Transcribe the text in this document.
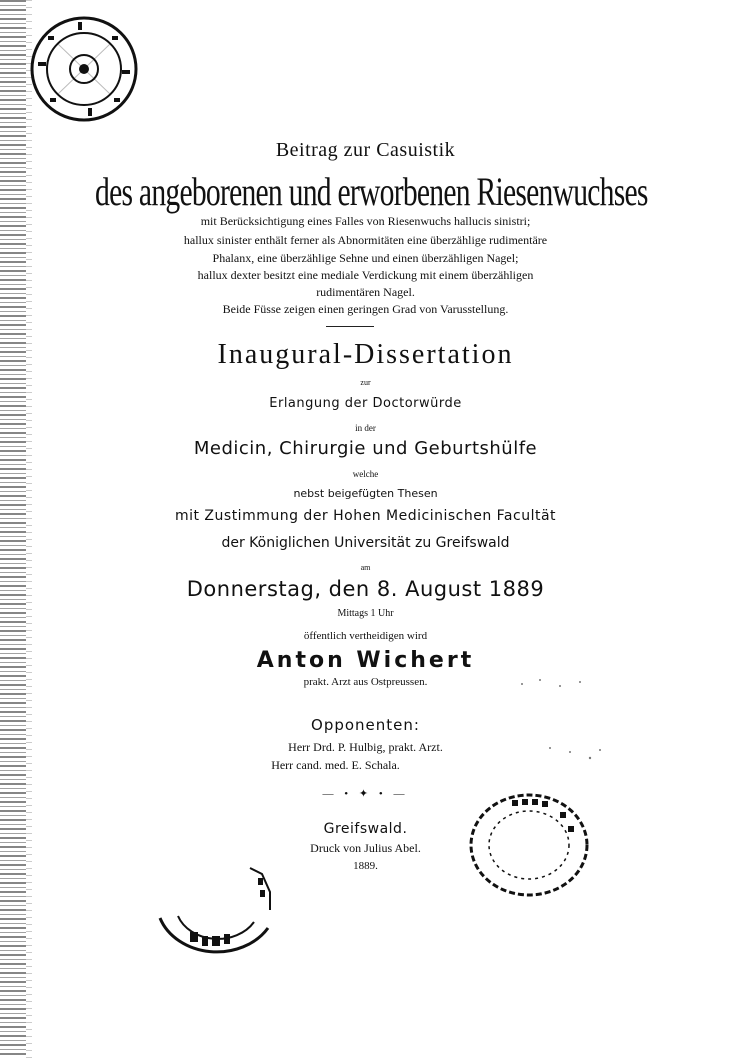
Beitrag zur Casuistik
des angeborenen und erworbenen Riesenwuchses
mit Berücksichtigung eines Falles von Riesenwuchs hallucis sinistri;
hallux sinister enthält ferner als Abnormitäten eine überzählige rudimentäre
Phalanx, eine überzählige Sehne und einen überzähligen Nagel;
hallux dexter besitzt eine mediale Verdickung mit einem überzähligen
rudimentären Nagel.
Beide Füsse zeigen einen geringen Grad von Varusstellung.
Inaugural-Dissertation
zur
Erlangung der Doctorwürde
in der
Medicin, Chirurgie und Geburtshülfe
welche
nebst beigefügten Thesen
mit Zustimmung der Hohen Medicinischen Facultät
der Königlichen Universität zu Greifswald
am
Donnerstag, den 8. August 1889
Mittags 1 Uhr
öffentlich vertheidigen wird
Anton Wichert
prakt. Arzt aus Ostpreussen.
Opponenten:
Herr Drd. P. Hulbig, prakt. Arzt.
Herr cand. med. E. Schala.
— • ✦ • —
Greifswald.
Druck von Julius Abel.
1889.
